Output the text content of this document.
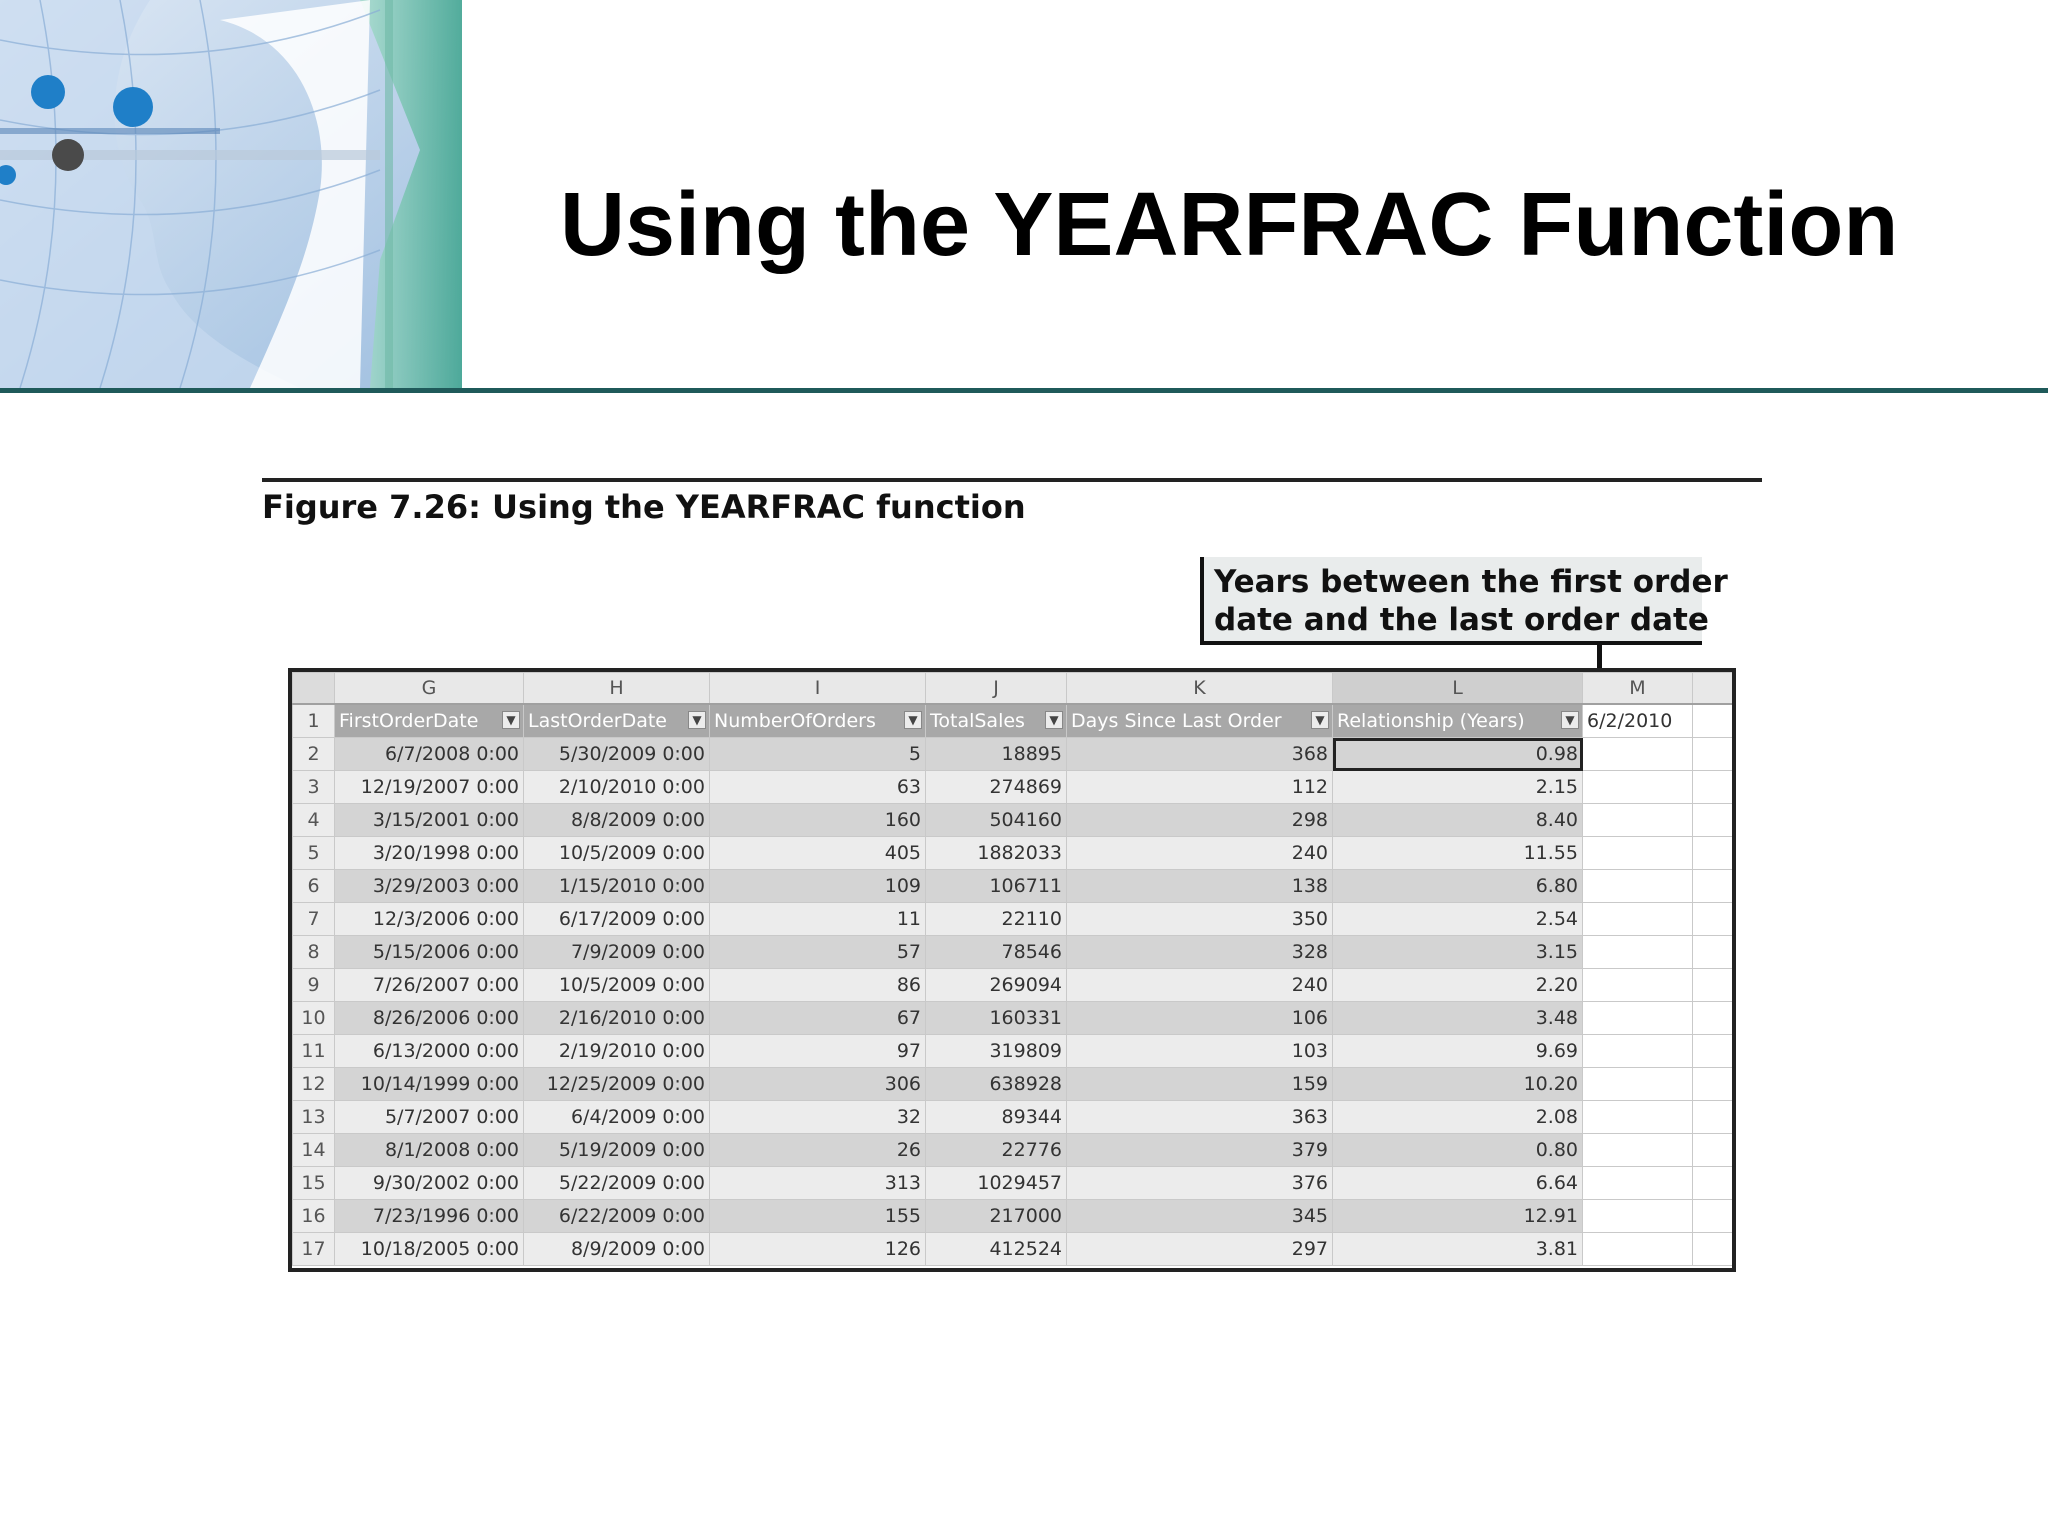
Using the YEARFRAC Function
Figure 7.26: Using the YEARFRAC function
Years between the first order
date and the last order date
	G	H	I	J	K	L	M	
1	FirstOrderDate ▼	LastOrderDate ▼	NumberOfOrders ▼	TotalSales ▼	Days Since Last Order ▼	Relationship (Years) ▼	6/2/2010	
2	6/7/2008 0:00	5/30/2009 0:00	5	18895	368	0.98		
3	12/19/2007 0:00	2/10/2010 0:00	63	274869	112	2.15		
4	3/15/2001 0:00	8/8/2009 0:00	160	504160	298	8.40		
5	3/20/1998 0:00	10/5/2009 0:00	405	1882033	240	11.55		
6	3/29/2003 0:00	1/15/2010 0:00	109	106711	138	6.80		
7	12/3/2006 0:00	6/17/2009 0:00	11	22110	350	2.54		
8	5/15/2006 0:00	7/9/2009 0:00	57	78546	328	3.15		
9	7/26/2007 0:00	10/5/2009 0:00	86	269094	240	2.20		
10	8/26/2006 0:00	2/16/2010 0:00	67	160331	106	3.48		
11	6/13/2000 0:00	2/19/2010 0:00	97	319809	103	9.69		
12	10/14/1999 0:00	12/25/2009 0:00	306	638928	159	10.20		
13	5/7/2007 0:00	6/4/2009 0:00	32	89344	363	2.08		
14	8/1/2008 0:00	5/19/2009 0:00	26	22776	379	0.80		
15	9/30/2002 0:00	5/22/2009 0:00	313	1029457	376	6.64		
16	7/23/1996 0:00	6/22/2009 0:00	155	217000	345	12.91		
17	10/18/2005 0:00	8/9/2009 0:00	126	412524	297	3.81		
